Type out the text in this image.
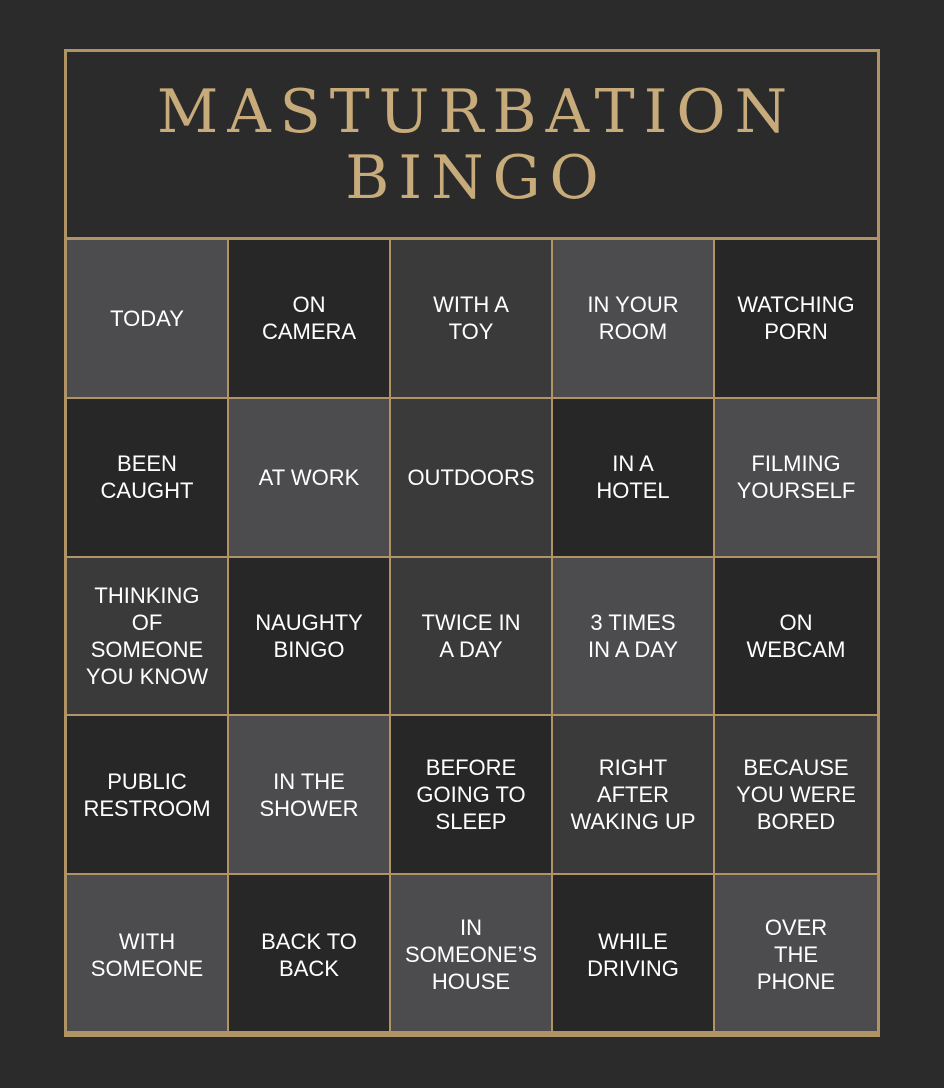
MASTURBATION
BINGO
TODAY
ON
CAMERA
WITH A
TOY
IN YOUR
ROOM
WATCHING
PORN
BEEN
CAUGHT
AT WORK OUTDOORS
IN A
HOTEL
FILMING
YOURSELF
THINKING
OF
SOMEONE
YOU KNOW
NAUGHTY
BINGO
TWICE IN
A DAY
3 TIMES
IN A DAY
ON
WEBCAM
PUBLIC
RESTROOM
IN THE
SHOWER
BEFORE
GOING TO
SLEEP
RIGHT
AFTER
WAKING UP
BECAUSE
YOU WERE
BORED
WITH
SOMEONE
BACK TO
BACK
IN
SOMEONE’S
HOUSE
WHILE
DRIVING
OVER
THE
PHONE
